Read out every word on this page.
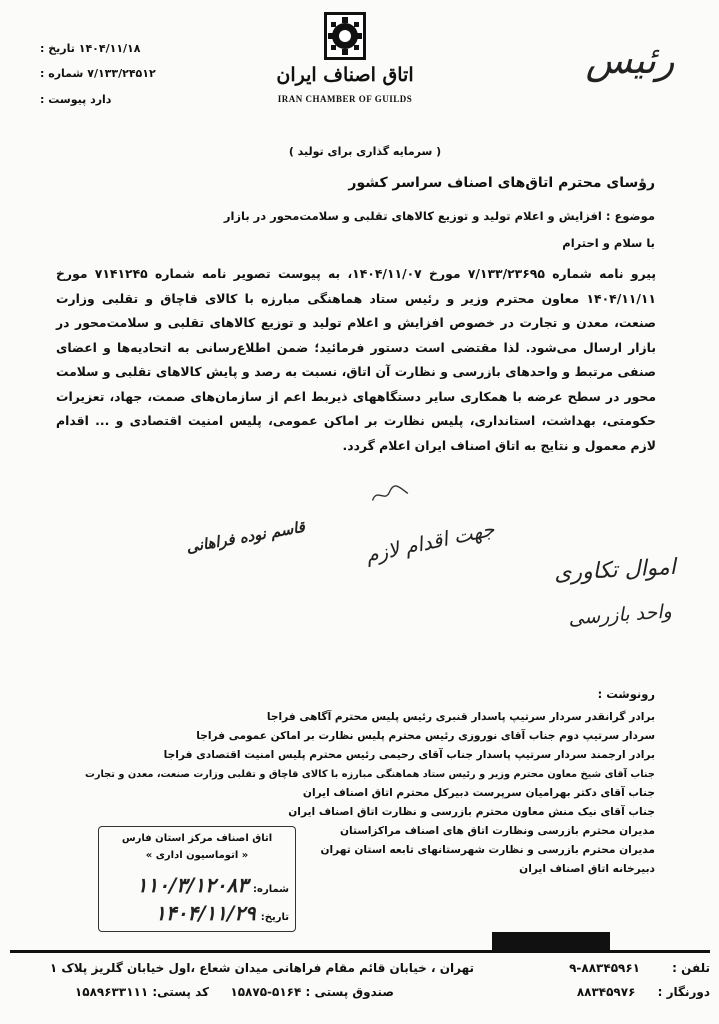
تاریخ : ۱۴۰۴/۱۱/۱۸
شماره : ۷/۱۳۳/۲۴۵۱۲
پیوست : دارد
اتاق اصناف ایران
IRAN CHAMBER OF GUILDS
رئیس
( سرمایه گذاری برای تولید )
رؤسای محترم اتاق‌های اصناف سراسر کشور
موضوع : افزایش و اعلام تولید و توزیع کالاهای تقلبی و سلامت‌محور در بازار
با سلام و احترام
پیرو نامه شماره ۷/۱۳۳/۲۳۶۹۵ مورخ ۱۴۰۴/۱۱/۰۷، به پیوست تصویر نامه شماره ۷۱۴۱۲۴۵ مورخ ۱۴۰۴/۱۱/۱۱ معاون محترم وزیر و رئیس ستاد هماهنگی مبارزه با کالای قاچاق و تقلبی وزارت صنعت، معدن و تجارت در خصوص افزایش و اعلام تولید و توزیع کالاهای تقلبی و سلامت‌محور در بازار ارسال می‌شود. لذا مقتضی است دستور فرمائید؛ ضمن اطلاع‌رسانی به اتحادیه‌ها و اعضای صنفی مرتبط و واحدهای بازرسی و نظارت آن اتاق، نسبت به رصد و پایش کالاهای تقلبی و سلامت محور در سطح عرضه با همکاری سایر دستگاههای ذیربط اعم از سازمان‌های صمت، جهاد، تعزیرات حکومتی، بهداشت، استانداری، پلیس نظارت بر اماکن عمومی، پلیس امنیت اقتصادی و ... اقدام لازم معمول و نتایج به اتاق اصناف ایران اعلام گردد.
جهت اقدام لازم
قاسم نوده فراهانی
اموال تکاوری
واحد بازرسی
رونوشت :
برادر گرانقدر سردار سرتیپ پاسدار قنبری رئیس پلیس محترم آگاهی فراجا
سردار سرتیپ دوم جناب آقای نوروزی رئیس محترم پلیس نظارت بر اماکن عمومی فراجا
برادر ارجمند سردار سرتیپ پاسدار جناب آقای رحیمی رئیس محترم پلیس امنیت اقتصادی فراجا
جناب آقای شیخ معاون محترم وزیر و رئیس ستاد هماهنگی مبارزه با کالای قاچاق و تقلبی وزارت صنعت، معدن و تجارت
جناب آقای دکتر بهرامیان سرپرست دبیرکل محترم اتاق اصناف ایران
جناب آقای نیک منش معاون محترم بازرسی و نظارت اتاق اصناف ایران
مدیران محترم بازرسی ونظارت اتاق های اصناف مراکزاستان
مدیران محترم بازرسی و نظارت شهرستانهای تابعه استان تهران
دبیرخانه اتاق اصناف ایران
اتاق اصناف مرکز استان فارس
« اتوماسیون اداری »
شماره: ۱۱۰/۳/۱۲۰۸۳
تاریخ: ۱۴۰۴/۱۱/۲۹
تهران ، خیابان قائم مقام فراهانی میدان شعاع ،اول خیابان گلریز پلاک ۱
صندوق پستی : ۵۱۶۴-۱۵۸۷۵
کد پستی: ۱۵۸۹۶۳۳۱۱۱
تلفن : ۸۸۳۴۵۹۶۱-۹
دورنگار : ۸۸۳۴۵۹۷۶
